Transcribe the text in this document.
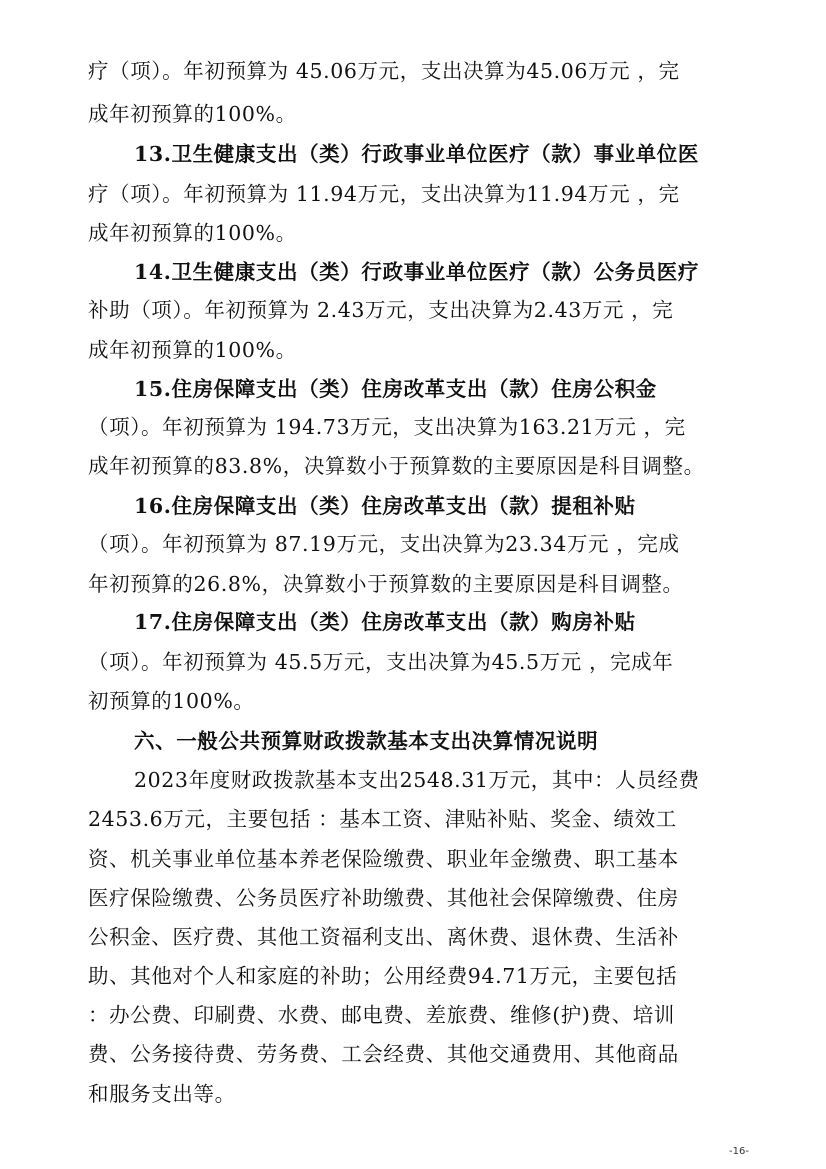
疗（项）。年初预算为 45.06万元，支出决算为45.06万元 ，完
成年初预算的100%。
13.卫生健康支出（类）行政事业单位医疗（款）事业单位医
疗（项）。年初预算为 11.94万元，支出决算为11.94万元 ，完
成年初预算的100%。
14.卫生健康支出（类）行政事业单位医疗（款）公务员医疗
补助（项）。年初预算为 2.43万元，支出决算为2.43万元 ，完
成年初预算的100%。
15.住房保障支出（类）住房改革支出（款）住房公积金
（项）。年初预算为 194.73万元，支出决算为163.21万元 ，完
成年初预算的83.8%，决算数小于预算数的主要原因是科目调整。
16.住房保障支出（类）住房改革支出（款）提租补贴
（项）。年初预算为 87.19万元，支出决算为23.34万元 ，完成
年初预算的26.8%，决算数小于预算数的主要原因是科目调整。
17.住房保障支出（类）住房改革支出（款）购房补贴
（项）。年初预算为 45.5万元，支出决算为45.5万元 ，完成年
初预算的100%。
六、一般公共预算财政拨款基本支出决算情况说明
2023年度财政拨款基本支出2548.31万元，其中：人员经费
2453.6万元，主要包括 ：基本工资、津贴补贴、奖金、绩效工
资、机关事业单位基本养老保险缴费、职业年金缴费、职工基本
医疗保险缴费、公务员医疗补助缴费、其他社会保障缴费、住房
公积金、医疗费、其他工资福利支出、离休费、退休费、生活补
助、其他对个人和家庭的补助；公用经费94.71万元，主要包括
：办公费、印刷费、水费、邮电费、差旅费、维修(护)费、培训
费、公务接待费、劳务费、工会经费、其他交通费用、其他商品
和服务支出等。
-16-
